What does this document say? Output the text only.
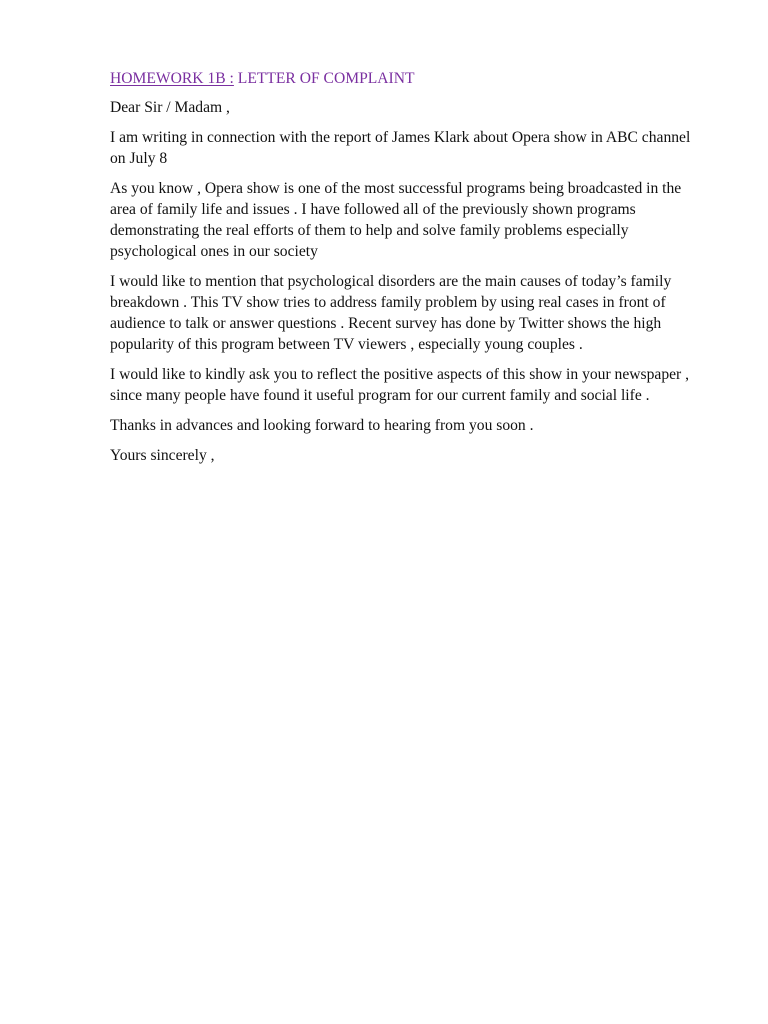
HOMEWORK 1B : LETTER OF COMPLAINT

Dear Sir / Madam ,

I am writing in connection with the report of James Klark about Opera show in ABC channel on July 8

As you know , Opera show is one of the most successful programs being broadcasted in the area of family life and issues . I have followed all of the previously shown programs demonstrating the real efforts of them to help and solve family problems especially psychological ones in our society

I would like to mention that psychological disorders are the main causes of today’s family breakdown . This TV show tries to address family problem by using real cases in front of audience to talk or answer questions . Recent survey has done by Twitter shows the high popularity of this program between TV viewers , especially young couples .

I would like to kindly ask you to reflect the positive aspects of this show in your newspaper , since many people have found it useful program for our current family and social life .

Thanks in advances and looking forward to hearing from you soon .

Yours sincerely ,
